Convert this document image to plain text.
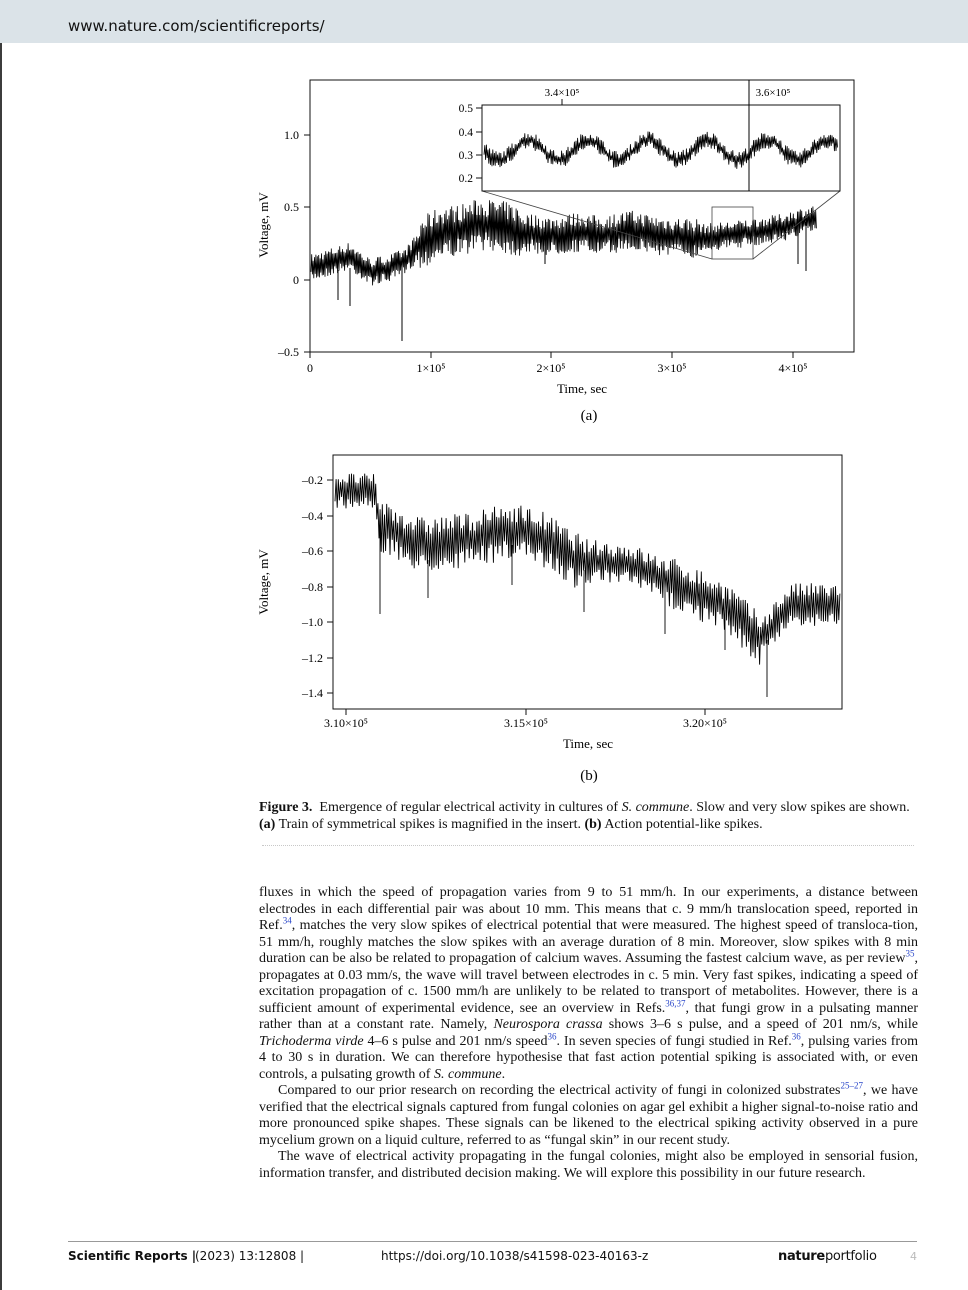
www.nature.com/scientificreports/
–0.5
0
0.5
1.0
0	1×10⁵	2×10⁵	3×10⁵	4×10⁵
Time, sec
Voltage, mV
(a)
0.5
0.4
0.3
0.2
3.4×10⁵	3.6×10⁵
–0.2
–0.4
–0.6
–0.8
–1.0
–1.2
–1.4
3.10×10⁵	3.15×10⁵	3.20×10⁵
Time, sec
Voltage, mV
(b)
Figure 3. Emergence of regular electrical activity in cultures of S. commune. Slow and very slow spikes are shown. (a) Train of symmetrical spikes is magnified in the insert. (b) Action potential-like spikes.

fluxes in which the speed of propagation varies from 9 to 51 mm/h. In our experiments, a distance between electrodes in each differential pair was about 10 mm. This means that c. 9 mm/h translocation speed, reported in Ref.$^{34}$, matches the very slow spikes of electrical potential that were measured. The highest speed of transloca-tion, 51 mm/h, roughly matches the slow spikes with an average duration of 8 min. Moreover, slow spikes with 8 min duration can be also be related to propagation of calcium waves. Assuming the fastest calcium wave, as per review$^{35}$, propagates at 0.03 mm/s, the wave will travel between electrodes in c. 5 min. Very fast spikes, indicating a speed of excitation propagation of c. 1500 mm/h are unlikely to be related to transport of metabolites. However, there is a sufficient amount of experimental evidence, see an overview in Refs.$^{36,37}$, that fungi grow in a pulsating manner rather than at a constant rate. Namely, Neurospora crassa shows 3–6 s pulse, and a speed of 201 nm/s, while Trichoderma virde 4–6 s pulse and 201 nm/s speed$^{36}$. In seven species of fungi studied in Ref.$^{36}$, pulsing varies from 4 to 30 s in duration. We can therefore hypothesise that fast action potential spiking is associated with, or even controls, a pulsating growth of S. commune.

Compared to our prior research on recording the electrical activity of fungi in colonized substrates$^{25-27}$, we have verified that the electrical signals captured from fungal colonies on agar gel exhibit a higher signal-to-noise ratio and more pronounced spike shapes. These signals can be likened to the electrical spiking activity observed in a pure mycelium grown on a liquid culture, referred to as “fungal skin” in our recent study.

The wave of electrical activity propagating in the fungal colonies, might also be employed in sensorial fusion, information transfer, and distributed decision making. We will explore this possibility in our future research.

Scientific Reports |
(2023) 13:12808 |	https://doi.org/10.1038/s41598-023-40163-z	natureportfolio	4
